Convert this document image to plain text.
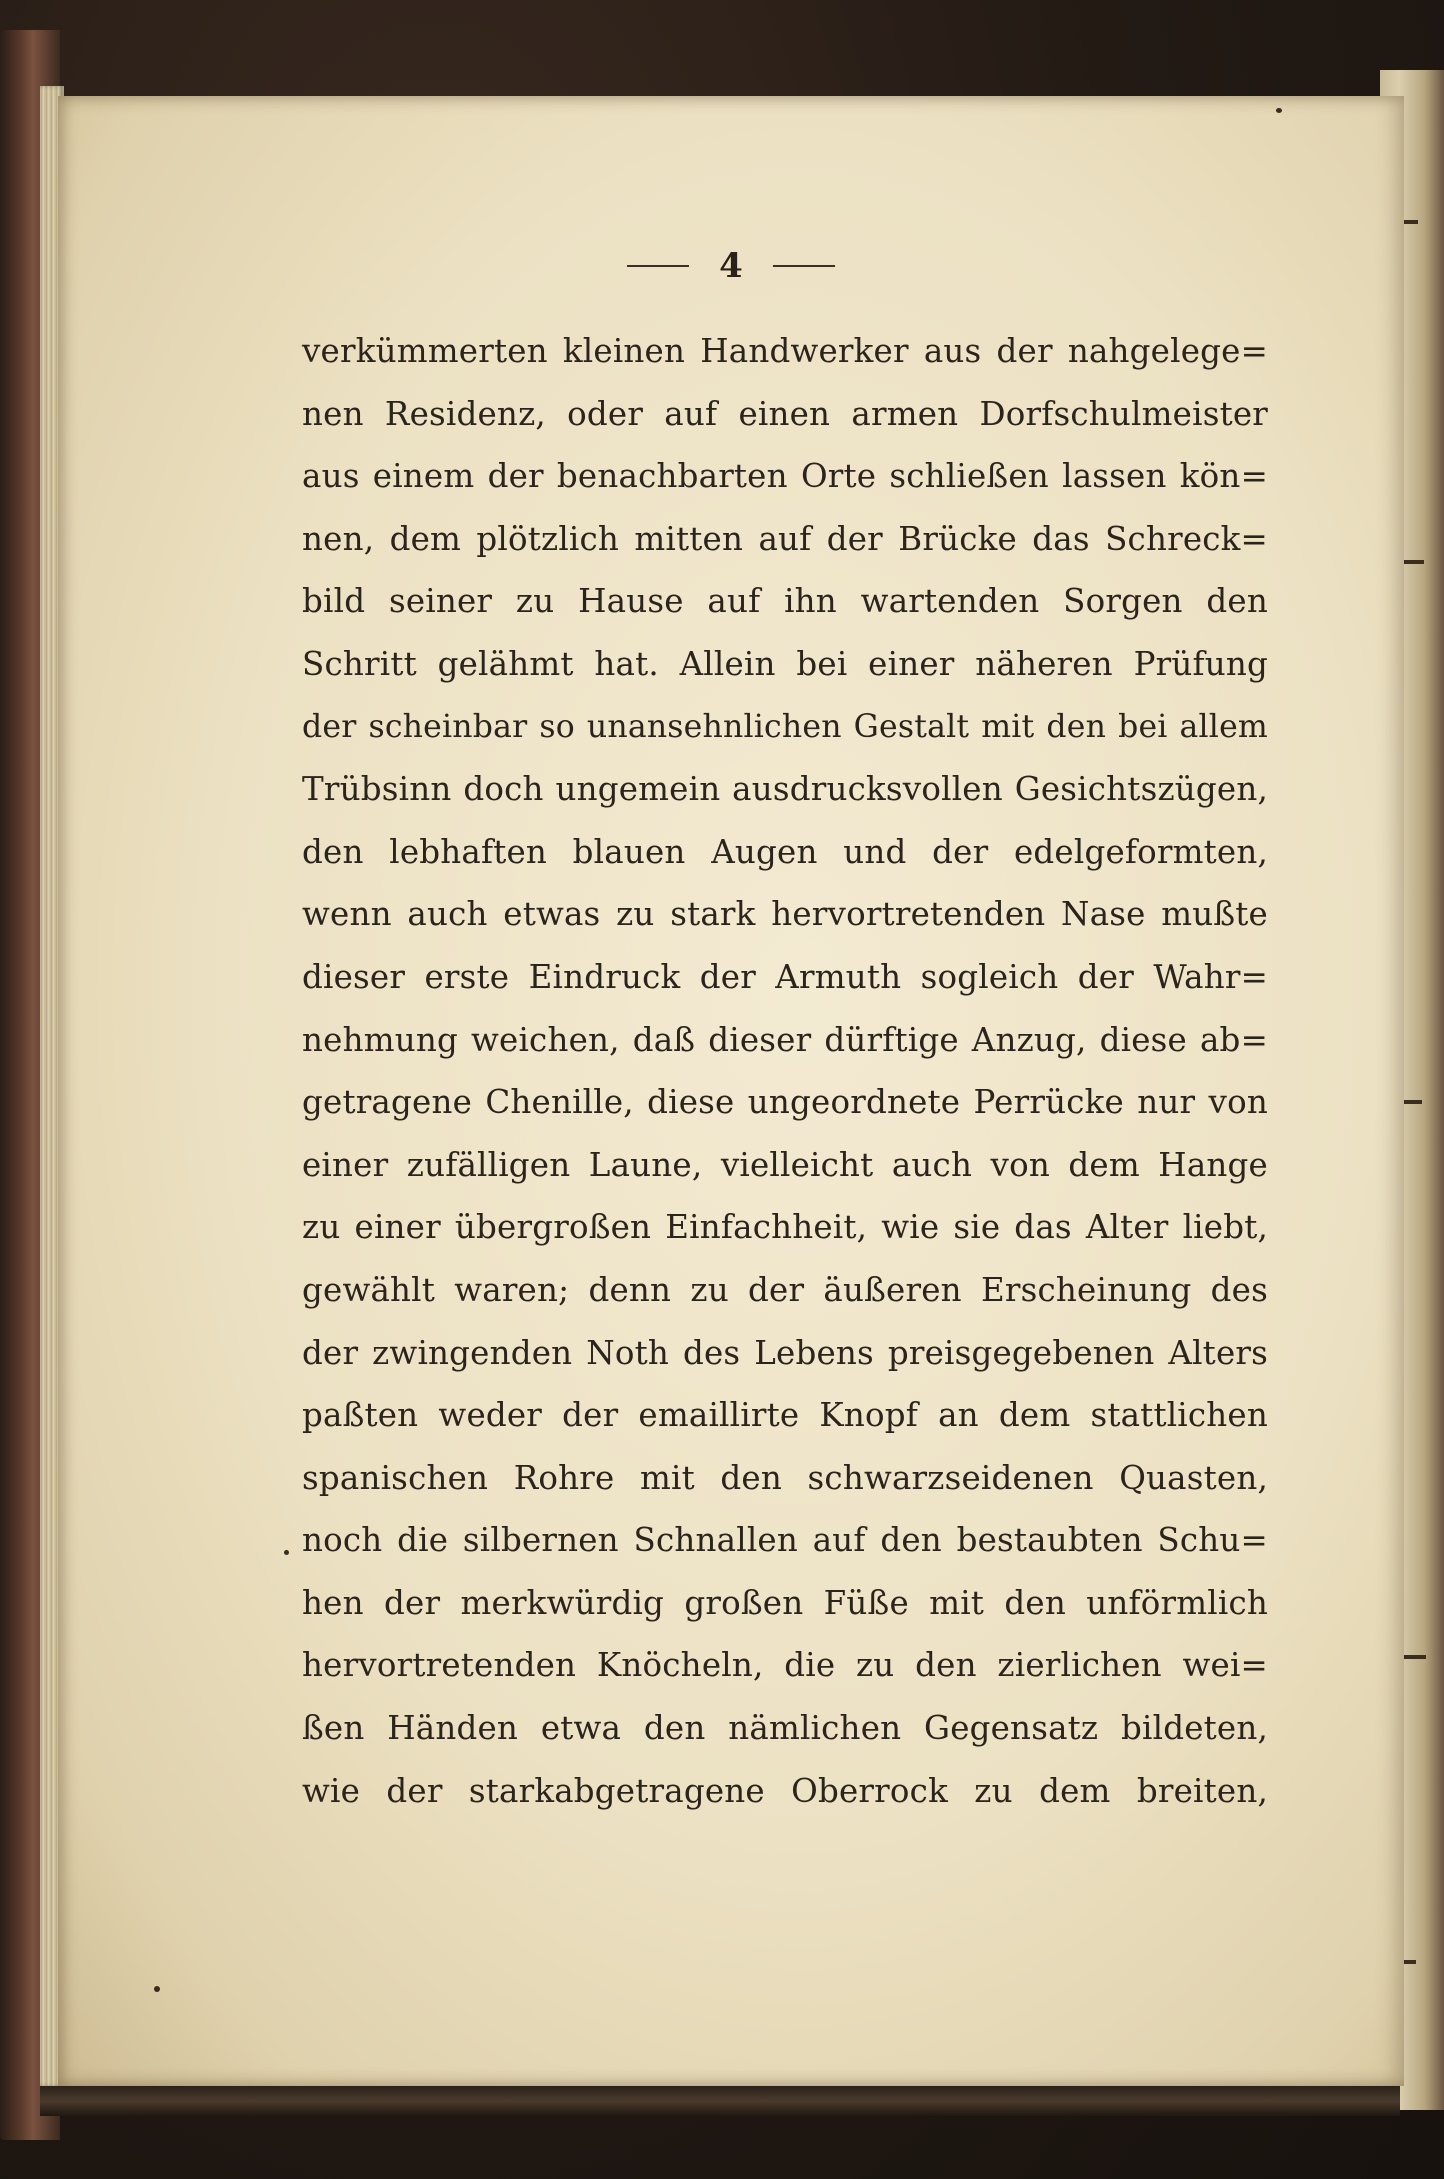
4
verkümmerten kleinen Handwerker aus der nahgelege=
nen Residenz, oder auf einen armen Dorfschulmeister
aus einem der benachbarten Orte schließen lassen kön=
nen, dem plötzlich mitten auf der Brücke das Schreck=
bild seiner zu Hause auf ihn wartenden Sorgen den
Schritt gelähmt hat. Allein bei einer näheren Prüfung
der scheinbar so unansehnlichen Gestalt mit den bei allem
Trübsinn doch ungemein ausdrucksvollen Gesichtszügen,
den lebhaften blauen Augen und der edelgeformten,
wenn auch etwas zu stark hervortretenden Nase mußte
dieser erste Eindruck der Armuth sogleich der Wahr=
nehmung weichen, daß dieser dürftige Anzug, diese ab=
getragene Chenille, diese ungeordnete Perrücke nur von
einer zufälligen Laune, vielleicht auch von dem Hange
zu einer übergroßen Einfachheit, wie sie das Alter liebt,
gewählt waren; denn zu der äußeren Erscheinung des
der zwingenden Noth des Lebens preisgegebenen Alters
paßten weder der emaillirte Knopf an dem stattlichen
spanischen Rohre mit den schwarzseidenen Quasten,
noch die silbernen Schnallen auf den bestaubten Schu=
hen der merkwürdig großen Füße mit den unförmlich
hervortretenden Knöcheln, die zu den zierlichen wei=
ßen Händen etwa den nämlichen Gegensatz bildeten,
wie der starkabgetragene Oberrock zu dem breiten,
